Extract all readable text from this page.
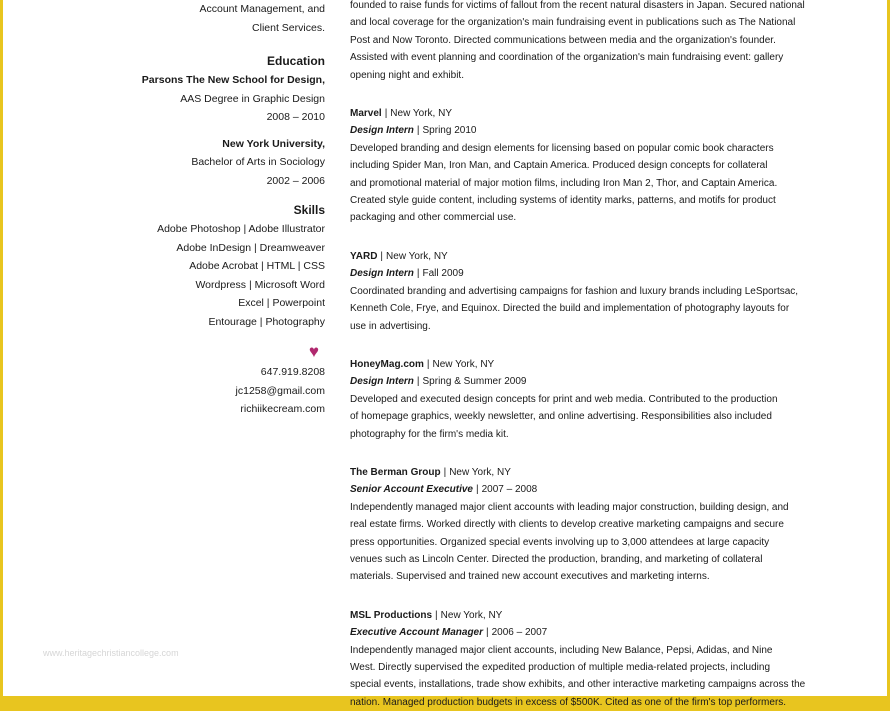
Account Management, and
Client Services.
Education
Parsons The New School for Design,
AAS Degree in Graphic Design
2008 – 2010
New York University,
Bachelor of Arts in Sociology
2002 – 2006
Skills
Adobe Photoshop | Adobe Illustrator
Adobe InDesign | Dreamweaver
Adobe Acrobat | HTML | CSS
Wordpress | Microsoft Word
Excel | Powerpoint
Entourage | Photography
♥
647.919.8208
jc1258@gmail.com
richiikecream.com
founded to raise funds for victims of fallout from the recent natural disasters in Japan. Secured national
and local coverage for the organization's main fundraising event in publications such as The National
Post and Now Toronto. Directed communications between media and the organization's founder.
Assisted with event planning and coordination of the organization's main fundraising event: gallery
opening night and exhibit.
Marvel | New York, NY
Design Intern | Spring 2010
Developed branding and design elements for licensing based on popular comic book characters
including Spider Man, Iron Man, and Captain America. Produced design concepts for collateral
and promotional material of major motion films, including Iron Man 2, Thor, and Captain America.
Created style guide content, including systems of identity marks, patterns, and motifs for product
packaging and other commercial use.
YARD | New York, NY
Design Intern | Fall 2009
Coordinated branding and advertising campaigns for fashion and luxury brands including LeSportsac,
Kenneth Cole, Frye, and Equinox. Directed the build and implementation of photography layouts for
use in advertising.
HoneyMag.com | New York, NY
Design Intern | Spring & Summer 2009
Developed and executed design concepts for print and web media. Contributed to the production
of homepage graphics, weekly newsletter, and online advertising. Responsibilities also included
photography for the firm's media kit.
The Berman Group | New York, NY
Senior Account Executive | 2007 – 2008
Independently managed major client accounts with leading major construction, building design, and
real estate firms. Worked directly with clients to develop creative marketing campaigns and secure
press opportunities. Organized special events involving up to 3,000 attendees at large capacity
venues such as Lincoln Center. Directed the production, branding, and marketing of collateral
materials. Supervised and trained new account executives and marketing interns.
MSL Productions | New York, NY
Executive Account Manager | 2006 – 2007
Independently managed major client accounts, including New Balance, Pepsi, Adidas, and Nine
West. Directly supervised the expedited production of multiple media-related projects, including
special events, installations, trade show exhibits, and other interactive marketing campaigns across the
nation. Managed production budgets in excess of $500K. Cited as one of the firm's top performers.
www.heritagechristiancollege.com
